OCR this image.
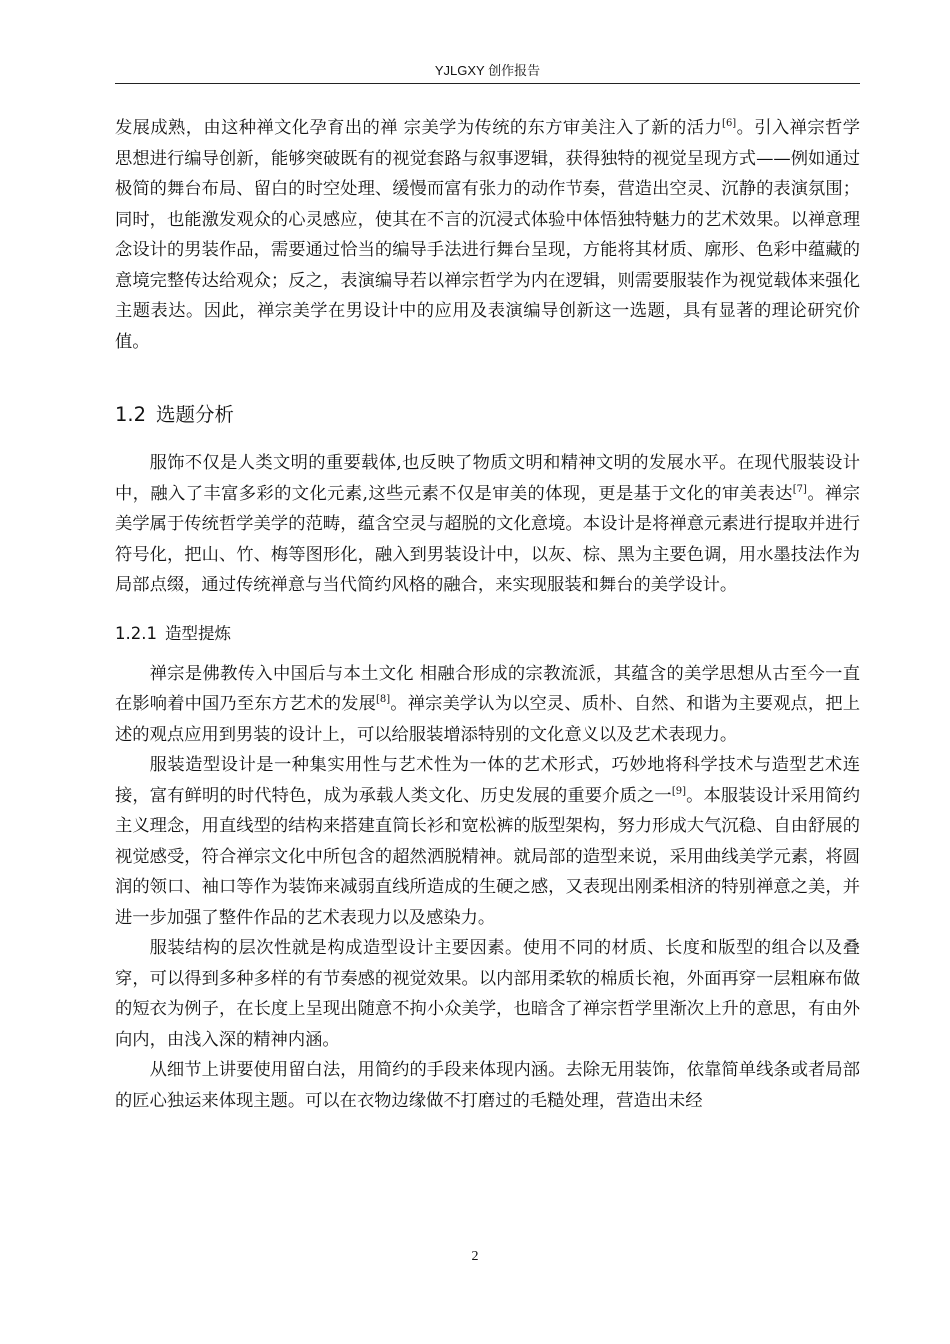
YJLGXY 创作报告

发展成熟，由这种禅文化孕育出的禅 宗美学为传统的东方审美注入了新的活力[6]。引入禅宗哲学思想进行编导创新，能够突破既有的视觉套路与叙事逻辑，获得独特的视觉呈现方式——例如通过极简的舞台布局、留白的时空处理、缓慢而富有张力的动作节奏，营造出空灵、沉静的表演氛围；同时，也能激发观众的心灵感应，使其在不言的沉浸式体验中体悟独特魅力的艺术效果。以禅意理念设计的男装作品，需要通过恰当的编导手法进行舞台呈现，方能将其材质、廓形、色彩中蕴藏的意境完整传达给观众；反之，表演编导若以禅宗哲学为内在逻辑，则需要服装作为视觉载体来强化主题表达。因此，禅宗美学在男设计中的应用及表演编导创新这一选题，具有显著的理论研究价值。

1.2 选题分析

服饰不仅是人类文明的重要载体,也反映了物质文明和精神文明的发展水平。在现代服装设计中，融入了丰富多彩的文化元素,这些元素不仅是审美的体现，更是基于文化的审美表达[7]。禅宗美学属于传统哲学美学的范畴，蕴含空灵与超脱的文化意境。本设计是将禅意元素进行提取并进行符号化，把山、竹、梅等图形化，融入到男装设计中，以灰、棕、黑为主要色调，用水墨技法作为局部点缀，通过传统禅意与当代简约风格的融合，来实现服装和舞台的美学设计。

1.2.1 造型提炼

禅宗是佛教传入中国后与本土文化 相融合形成的宗教流派，其蕴含的美学思想从古至今一直在影响着中国乃至东方艺术的发展[8]。禅宗美学认为以空灵、质朴、自然、和谐为主要观点，把上述的观点应用到男装的设计上，可以给服装增添特别的文化意义以及艺术表现力。

服装造型设计是一种集实用性与艺术性为一体的艺术形式，巧妙地将科学技术与造型艺术连接，富有鲜明的时代特色，成为承载人类文化、历史发展的重要介质之一[9]。本服装设计采用简约主义理念，用直线型的结构来搭建直筒长衫和宽松裤的版型架构，努力形成大气沉稳、自由舒展的视觉感受，符合禅宗文化中所包含的超然洒脱精神。就局部的造型来说，采用曲线美学元素，将圆润的领口、袖口等作为装饰来减弱直线所造成的生硬之感，又表现出刚柔相济的特别禅意之美，并进一步加强了整件作品的艺术表现力以及感染力。

服装结构的层次性就是构成造型设计主要因素。使用不同的材质、长度和版型的组合以及叠穿，可以得到多种多样的有节奏感的视觉效果。以内部用柔软的棉质长袍，外面再穿一层粗麻布做的短衣为例子，在长度上呈现出随意不拘小众美学，也暗含了禅宗哲学里渐次上升的意思，有由外向内，由浅入深的精神内涵。

从细节上讲要使用留白法，用简约的手段来体现内涵。去除无用装饰，依靠简单线条或者局部的匠心独运来体现主题。可以在衣物边缘做不打磨过的毛糙处理，营造出未经

2
